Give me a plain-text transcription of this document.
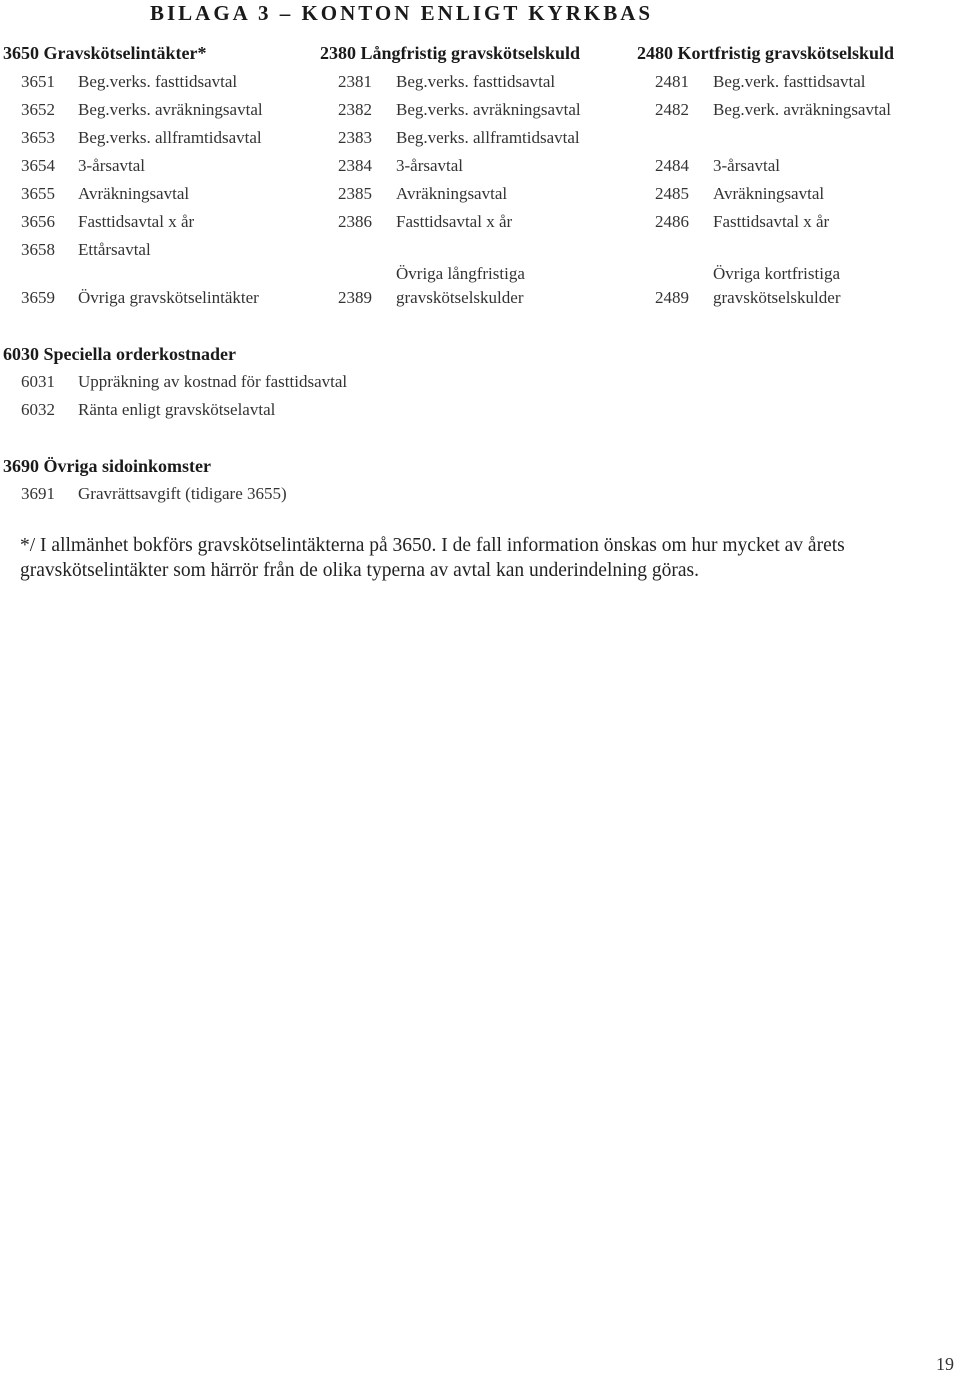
BILAGA 3 – KONTON ENLIGT KYRKBAS
3650 Gravskötselintäkter*	2380 Långfristig gravskötselskuld	2480 Kortfristig gravskötselskuld
3651 Beg.verks. fasttidsavtal
3652 Beg.verks. avräkningsavtal
3653 Beg.verks. allframtidsavtal
3654 3-årsavtal
3655 Avräkningsavtal
3656 Fasttidsavtal x år
3658 Ettårsavtal
3659 Övriga gravskötselintäkter
2381 Beg.verks. fasttidsavtal
2382 Beg.verks. avräkningsavtal
2383 Beg.verks. allframtidsavtal
2384 3-årsavtal
2385 Avräkningsavtal
2386 Fasttidsavtal x år
2389
Övriga långfristiga
gravskötselskulder
2481 Beg.verk. fasttidsavtal
2482 Beg.verk. avräkningsavtal
2484 3-årsavtal
2485 Avräkningsavtal
2486 Fasttidsavtal x år
2489
Övriga kortfristiga
gravskötselskulder
6030 Speciella orderkostnader
6031 Uppräkning av kostnad för fasttidsavtal
6032 Ränta enligt gravskötselavtal
3690 Övriga sidoinkomster
3691 Gravrättsavgift (tidigare 3655)
*/ I allmänhet bokförs gravskötselintäkterna på 3650. I de fall information önskas om hur mycket av årets gravskötselintäkter som härrör från de olika typerna av avtal kan underindelning göras.
19
